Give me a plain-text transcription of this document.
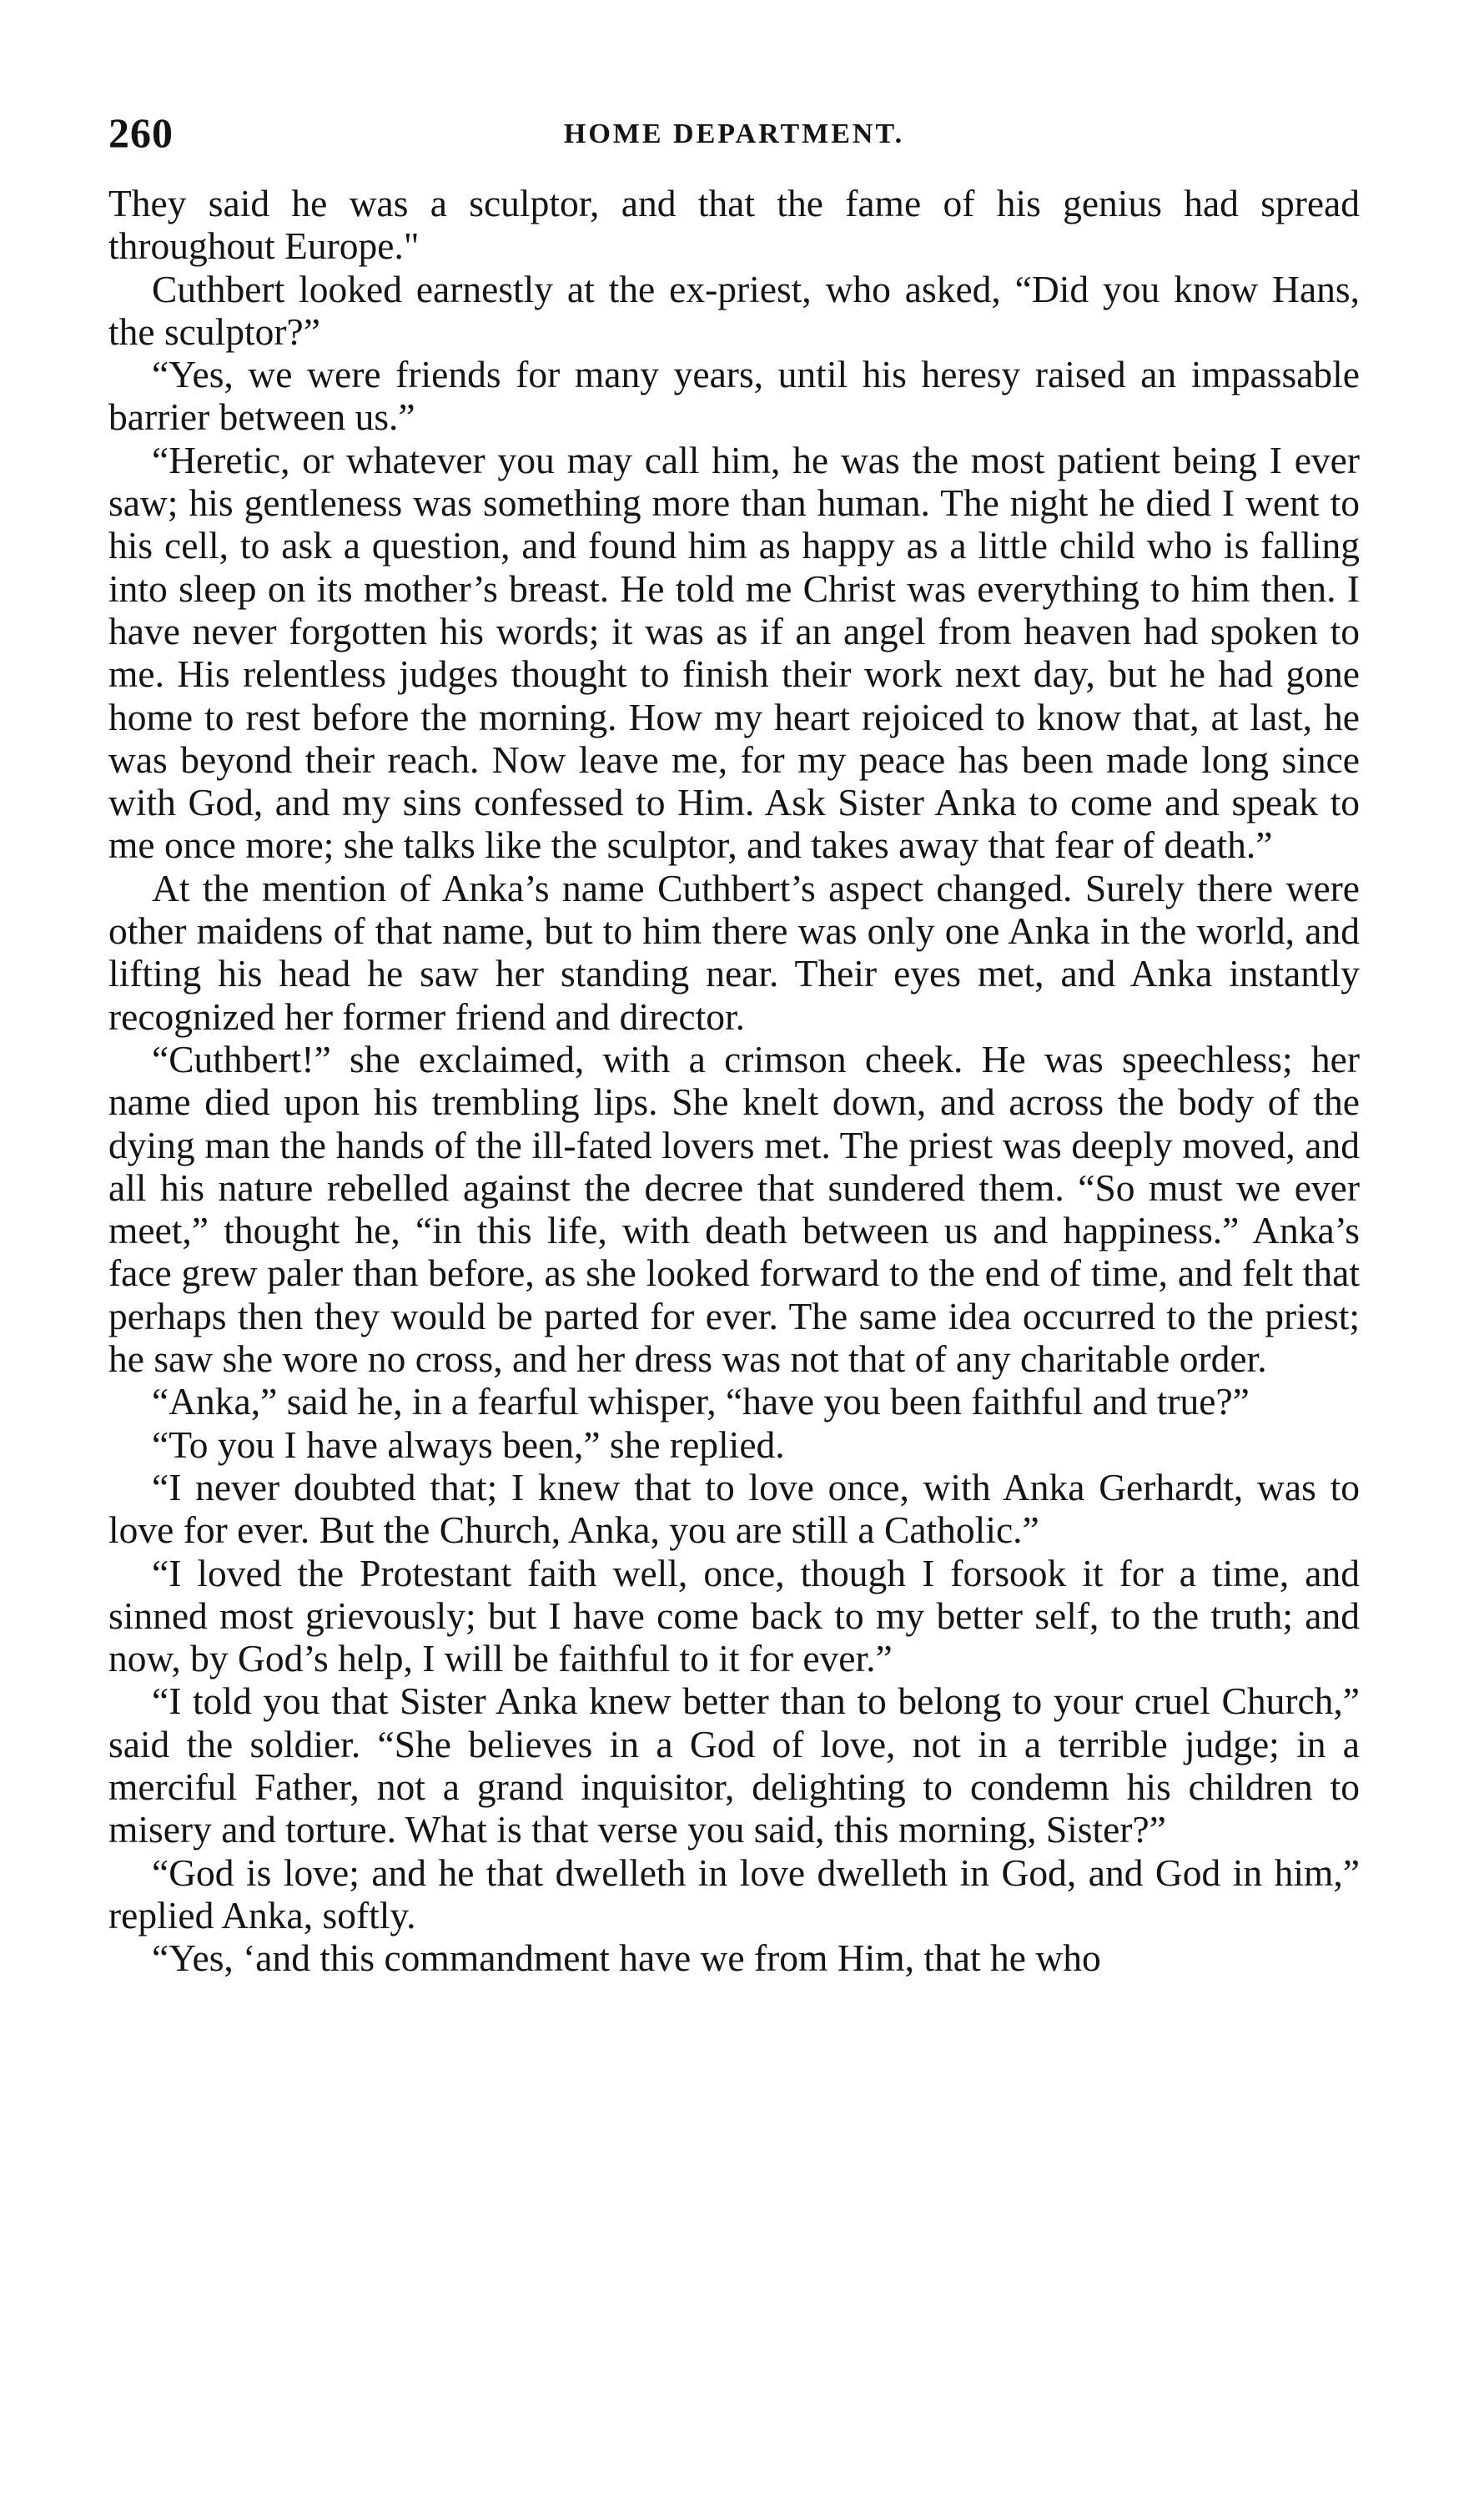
260	HOME DEPARTMENT.

They said he was a sculptor, and that the fame of his genius had spread throughout Europe."

Cuthbert looked earnestly at the ex-priest, who asked, “Did you know Hans, the sculptor?”

“Yes, we were friends for many years, until his heresy raised an impassable barrier between us.”

“Heretic, or whatever you may call him, he was the most patient being I ever saw; his gentleness was something more than human. The night he died I went to his cell, to ask a question, and found him as happy as a little child who is falling into sleep on its mother’s breast. He told me Christ was everything to him then. I have never forgotten his words; it was as if an angel from heaven had spoken to me. His relentless judges thought to finish their work next day, but he had gone home to rest before the morning. How my heart rejoiced to know that, at last, he was beyond their reach. Now leave me, for my peace has been made long since with God, and my sins confessed to Him. Ask Sister Anka to come and speak to me once more; she talks like the sculptor, and takes away that fear of death.”

At the mention of Anka’s name Cuthbert’s aspect changed. Surely there were other maidens of that name, but to him there was only one Anka in the world, and lifting his head he saw her standing near. Their eyes met, and Anka instantly recognized her former friend and director.

“Cuthbert!” she exclaimed, with a crimson cheek. He was speechless; her name died upon his trembling lips. She knelt down, and across the body of the dying man the hands of the ill-fated lovers met. The priest was deeply moved, and all his nature rebelled against the decree that sundered them. “So must we ever meet,” thought he, “in this life, with death between us and happiness.” Anka’s face grew paler than before, as she looked forward to the end of time, and felt that perhaps then they would be parted for ever. The same idea occurred to the priest; he saw she wore no cross, and her dress was not that of any charitable order.

“Anka,” said he, in a fearful whisper, “have you been faithful and true?”

“To you I have always been,” she replied.

“I never doubted that; I knew that to love once, with Anka Gerhardt, was to love for ever. But the Church, Anka, you are still a Catholic.”

“I loved the Protestant faith well, once, though I forsook it for a time, and sinned most grievously; but I have come back to my better self, to the truth; and now, by God’s help, I will be faithful to it for ever.”

“I told you that Sister Anka knew better than to belong to your cruel Church,” said the soldier. “She believes in a God of love, not in a terrible judge; in a merciful Father, not a grand inquisitor, delighting to condemn his children to misery and torture. What is that verse you said, this morning, Sister?”

“God is love; and he that dwelleth in love dwelleth in God, and God in him,” replied Anka, softly.

“Yes, ‘and this commandment have we from Him, that he who
